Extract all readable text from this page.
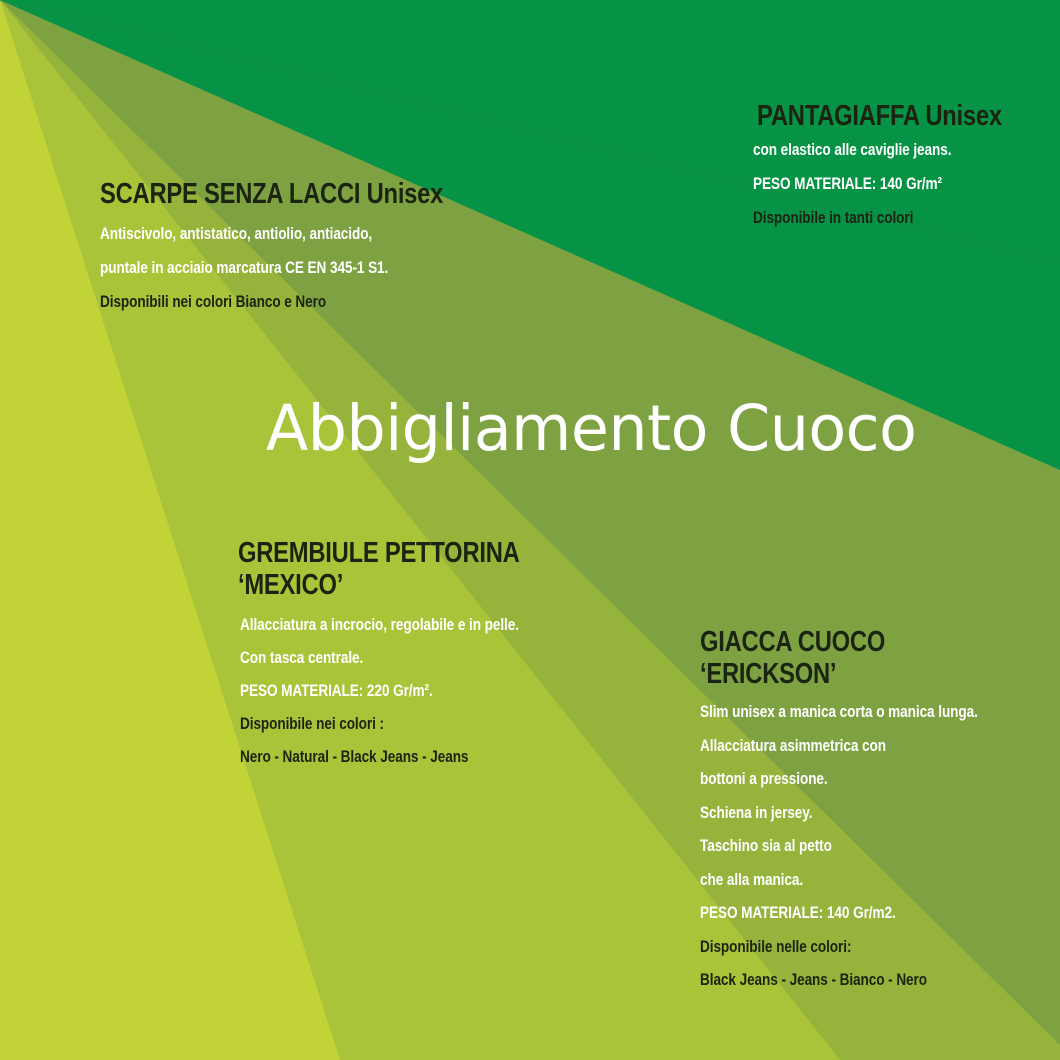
PANTAGIAFFA Unisex
con elastico alle caviglie jeans.
PESO MATERIALE: 140 Gr/m²
Disponibile in tanti colori
SCARPE SENZA LACCI Unisex
Antiscivolo, antistatico, antiolio, antiacido,
puntale in acciaio marcatura CE EN 345-1 S1.
Disponibili nei colori Bianco e Nero
Abbigliamento Cuoco
GREMBIULE PETTORINA
‘MEXICO’
Allacciatura a incrocio, regolabile e in pelle.
Con tasca centrale.
PESO MATERIALE: 220 Gr/m².
Disponibile nei colori :
Nero - Natural - Black Jeans - Jeans
GIACCA CUOCO
‘ERICKSON’
Slim unisex a manica corta o manica lunga.
Allacciatura asimmetrica con
bottoni a pressione.
Schiena in jersey.
Taschino sia al petto
che alla manica.
PESO MATERIALE: 140 Gr/m2.
Disponibile nelle colori:
Black Jeans - Jeans - Bianco - Nero
